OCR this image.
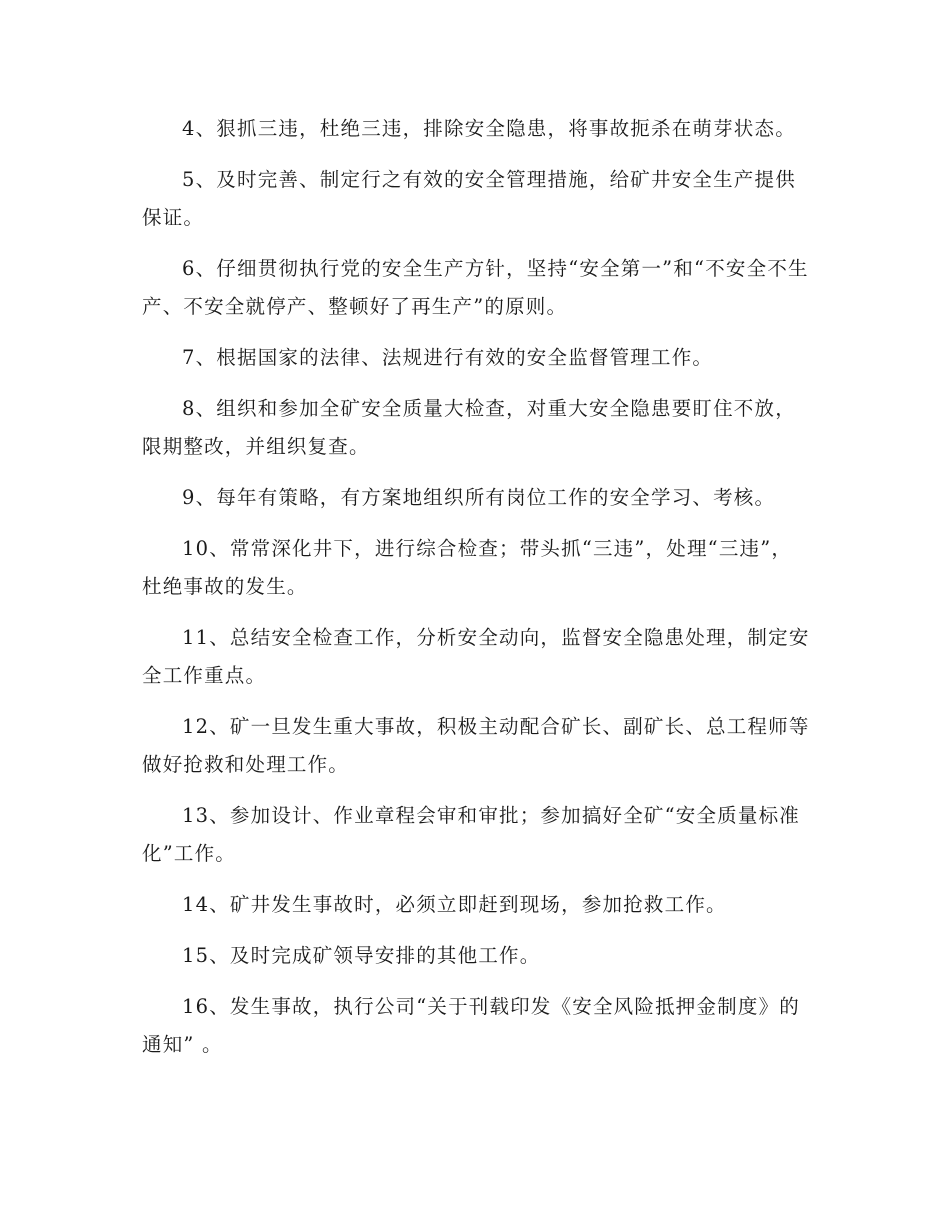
4、狠抓三违，杜绝三违，排除安全隐患，将事故扼杀在萌芽状态。

5、及时完善、制定行之有效的安全管理措施，给矿井安全生产提供保证。

6、仔细贯彻执行党的安全生产方针，坚持“安全第一”和“不安全不生产、不安全就停产、整顿好了再生产”的原则。

7、根据国家的法律、法规进行有效的安全监督管理工作。

8、组织和参加全矿安全质量大检查，对重大安全隐患要盯住不放，限期整改，并组织复查。

9、每年有策略，有方案地组织所有岗位工作的安全学习、考核。

10、常常深化井下，进行综合检查；带头抓“三违”，处理“三违”，杜绝事故的发生。

11、总结安全检查工作，分析安全动向，监督安全隐患处理，制定安全工作重点。

12、矿一旦发生重大事故，积极主动配合矿长、副矿长、总工程师等做好抢救和处理工作。

13、参加设计、作业章程会审和审批；参加搞好全矿“安全质量标准化”工作。

14、矿井发生事故时，必须立即赶到现场，参加抢救工作。

15、及时完成矿领导安排的其他工作。

16、发生事故，执行公司“关于刊载印发《安全风险抵押金制度》的通知” 。
